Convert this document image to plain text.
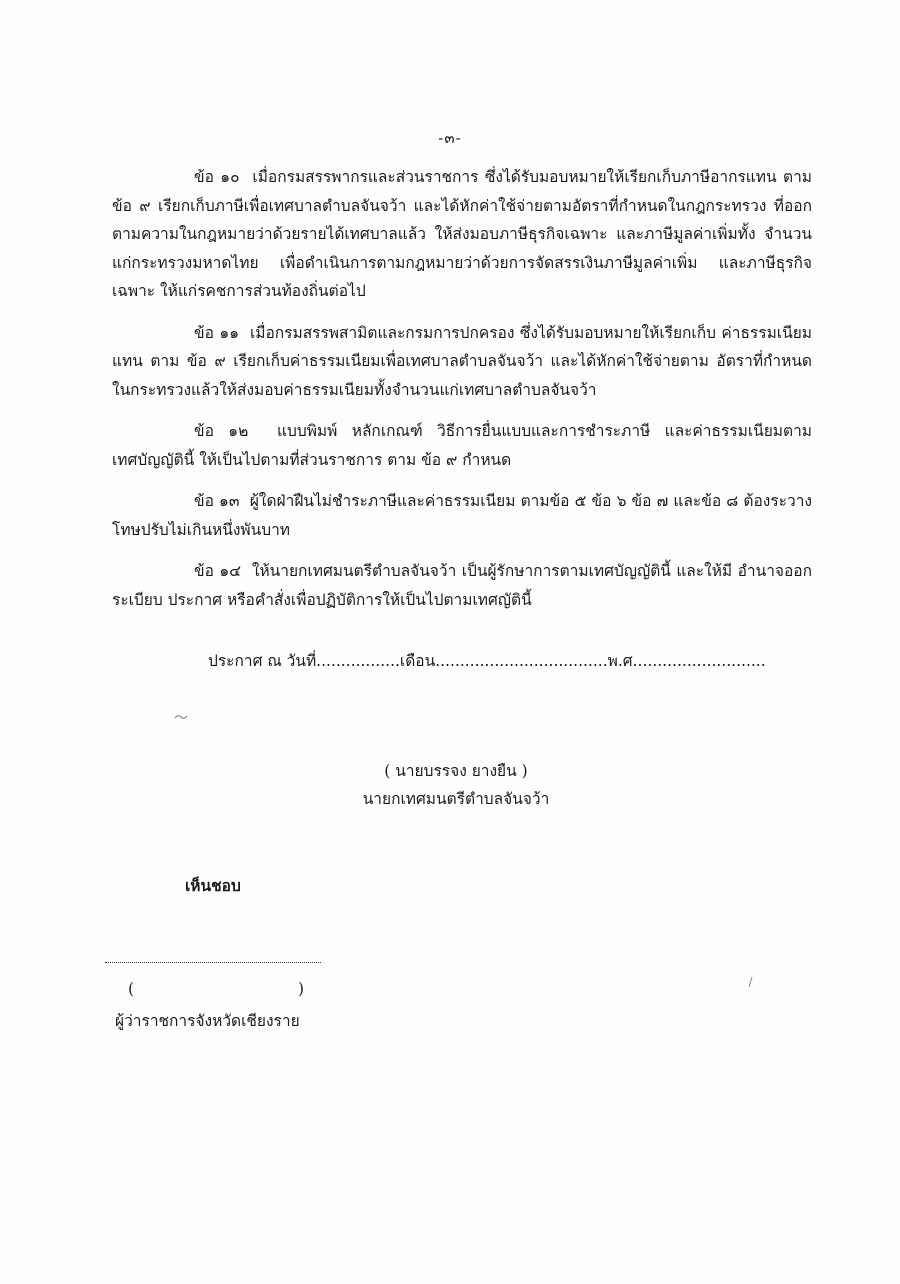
-๓-

ข้อ ๑๐ เมื่อกรมสรรพากรและส่วนราชการ ซึ่งได้รับมอบหมายให้เรียกเก็บภาษีอากรแทน ตามข้อ ๙ เรียกเก็บภาษีเพื่อเทศบาลตำบลจันจว้า และได้หักค่าใช้จ่ายตามอัตราที่กำหนดในกฎกระทรวง ที่ออกตามความในกฎหมายว่าด้วยรายได้เทศบาลแล้ว ให้ส่งมอบภาษีธุรกิจเฉพาะ และภาษีมูลค่าเพิ่มทั้ง จำนวนแก่กระทรวงมหาดไทย เพื่อดำเนินการตามกฎหมายว่าด้วยการจัดสรรเงินภาษีมูลค่าเพิ่ม และภาษีธุรกิจเฉพาะ ให้แก่รคชการส่วนท้องถิ่นต่อไป

ข้อ ๑๑ เมื่อกรมสรรพสามิตและกรมการปกครอง ซึ่งได้รับมอบหมายให้เรียกเก็บ ค่าธรรมเนียมแทน ตาม ข้อ ๙ เรียกเก็บค่าธรรมเนียมเพื่อเทศบาลตำบลจันจว้า และได้หักค่าใช้จ่ายตาม อัตราที่กำหนดในกระทรวงแล้วให้ส่งมอบค่าธรรมเนียมทั้งจำนวนแก่เทศบาลตำบลจันจว้า

ข้อ ๑๒ แบบพิมพ์ หลักเกณฑ์ วิธีการยื่นแบบและการชำระภาษี และค่าธรรมเนียมตาม เทศบัญญัตินี้ ให้เป็นไปตามที่ส่วนราชการ ตาม ข้อ ๙ กำหนด

ข้อ ๑๓ ผู้ใดฝ่าฝืนไม่ชำระภาษีและค่าธรรมเนียม ตามข้อ ๕ ข้อ ๖ ข้อ ๗ และข้อ ๘ ต้องระวางโทษปรับไม่เกินหนึ่งพันบาท

ข้อ ๑๔ ให้นายกเทศมนตรีตำบลจันจว้า เป็นผู้รักษาการตามเทศบัญญัตินี้ และให้มี อำนาจออกระเบียบ ประกาศ หรือคำสั่งเพื่อปฏิบัติการให้เป็นไปตามเทศญัตินี้

ประกาศ ณ วันที่.................เดือน...................................พ.ศ...........................
( นายบรรจง ยางยืน )
นายกเทศมนตรีตำบลจันจว้า
เห็นชอบ
(	)
ผู้ว่าราชการจังหวัดเชียงราย
